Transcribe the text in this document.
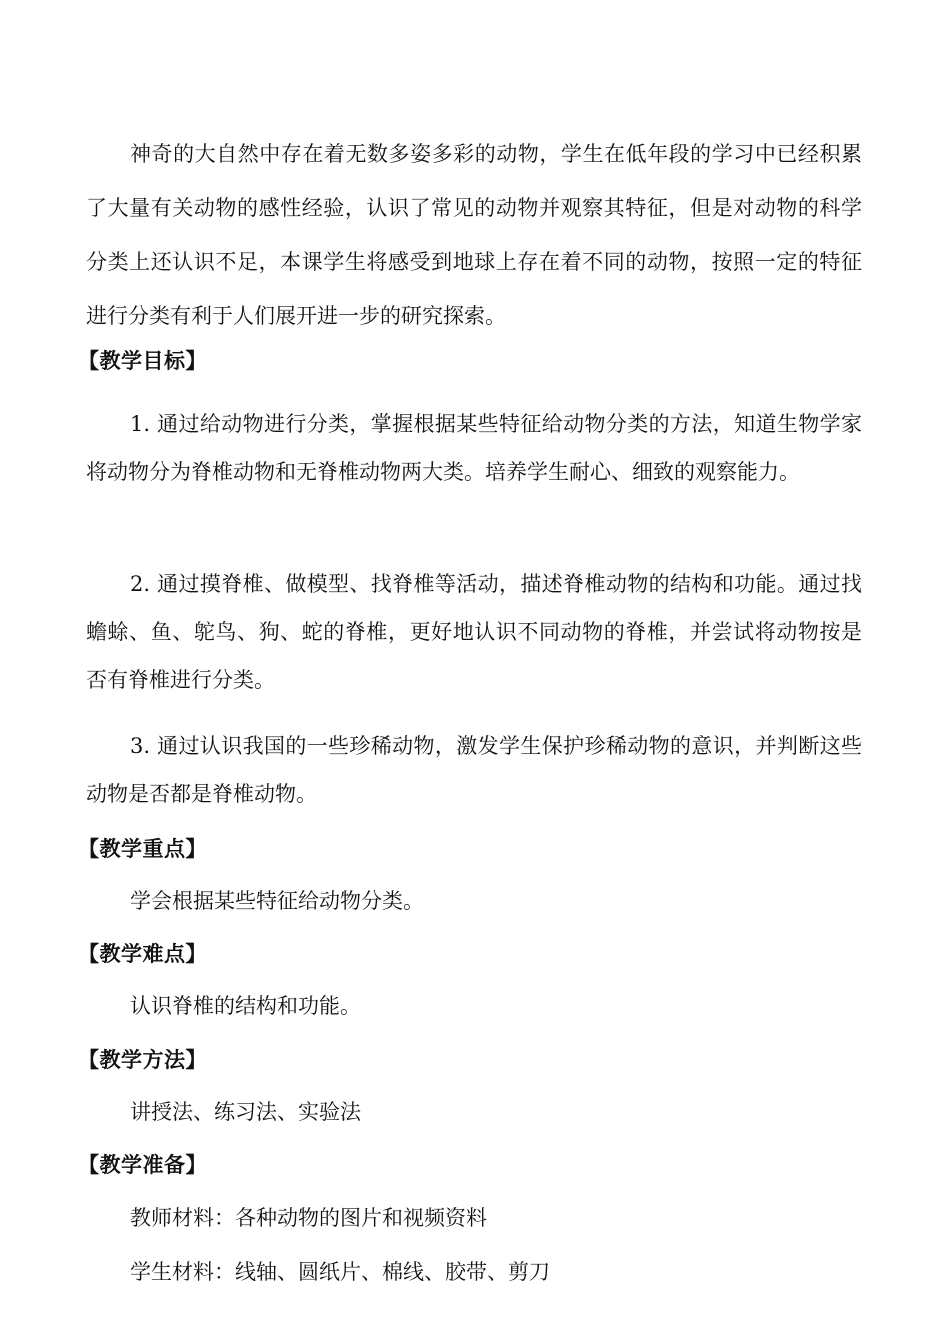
神奇的大自然中存在着无数多姿多彩的动物，学生在低年段的学习中已经积累了大量有关动物的感性经验，认识了常见的动物并观察其特征，但是对动物的科学分类上还认识不足，本课学生将感受到地球上存在着不同的动物，按照一定的特征进行分类有利于人们展开进一步的研究探索。

【教学目标】

1. 通过给动物进行分类，掌握根据某些特征给动物分类的方法，知道生物学家将动物分为脊椎动物和无脊椎动物两大类。培养学生耐心、细致的观察能力。

2. 通过摸脊椎、做模型、找脊椎等活动，描述脊椎动物的结构和功能。通过找蟾蜍、鱼、鸵鸟、狗、蛇的脊椎，更好地认识不同动物的脊椎，并尝试将动物按是否有脊椎进行分类。

3. 通过认识我国的一些珍稀动物，激发学生保护珍稀动物的意识，并判断这些动物是否都是脊椎动物。

【教学重点】

学会根据某些特征给动物分类。

【教学难点】

认识脊椎的结构和功能。

【教学方法】

讲授法、练习法、实验法

【教学准备】

教师材料：各种动物的图片和视频资料

学生材料：线轴、圆纸片、棉线、胶带、剪刀
